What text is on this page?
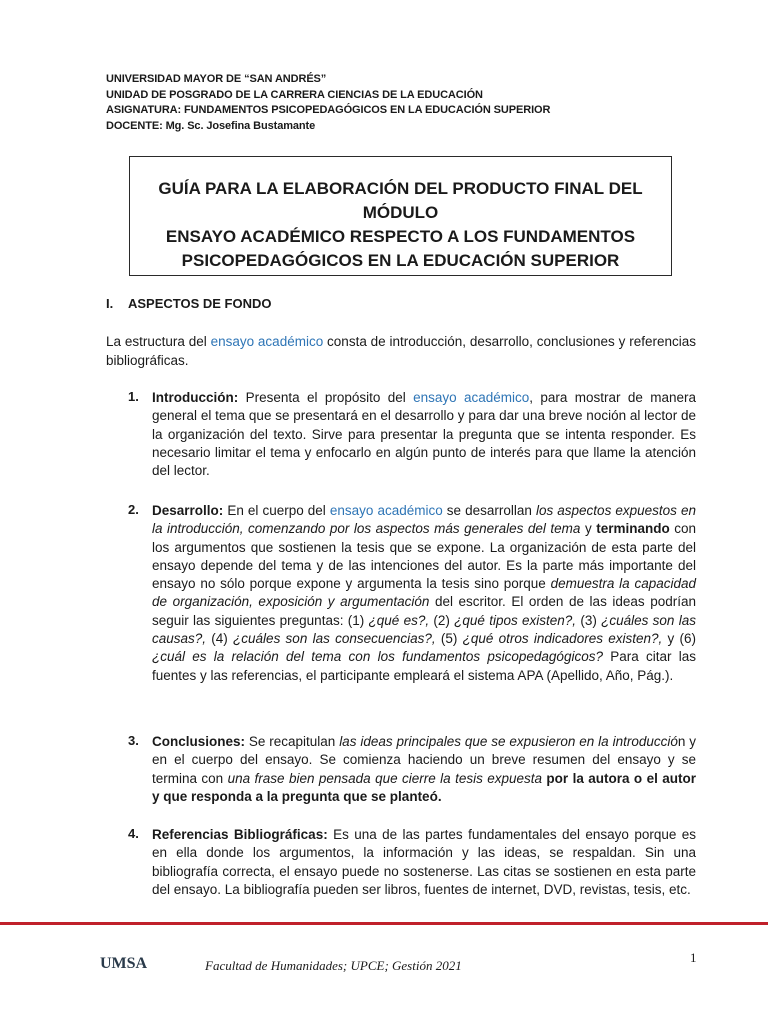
UNIVERSIDAD MAYOR DE “SAN ANDRÉS”
UNIDAD DE POSGRADO DE LA CARRERA CIENCIAS DE LA EDUCACIÓN
ASIGNATURA: FUNDAMENTOS PSICOPEDAGÓGICOS EN LA EDUCACIÓN SUPERIOR
DOCENTE: Mg. Sc. Josefina Bustamante
GUÍA PARA LA ELABORACIÓN DEL PRODUCTO FINAL DEL
MÓDULO
ENSAYO ACADÉMICO RESPECTO A LOS FUNDAMENTOS
PSICOPEDAGÓGICOS EN LA EDUCACIÓN SUPERIOR
I. ASPECTOS DE FONDO
La estructura del ensayo académico consta de introducción, desarrollo, conclusiones y referencias bibliográficas.
1. Introducción: Presenta el propósito del ensayo académico, para mostrar de manera general el tema que se presentará en el desarrollo y para dar una breve noción al lector de la organización del texto. Sirve para presentar la pregunta que se intenta responder. Es necesario limitar el tema y enfocarlo en algún punto de interés para que llame la atención del lector.
2. Desarrollo: En el cuerpo del ensayo académico se desarrollan los aspectos expuestos en la introducción, comenzando por los aspectos más generales del tema y terminando con los argumentos que sostienen la tesis que se expone. La organización de esta parte del ensayo depende del tema y de las intenciones del autor. Es la parte más importante del ensayo no sólo porque expone y argumenta la tesis sino porque demuestra la capacidad de organización, exposición y argumentación del escritor. El orden de las ideas podrían seguir las siguientes preguntas: (1) ¿qué es?, (2) ¿qué tipos existen?, (3) ¿cuáles son las causas?, (4) ¿cuáles son las consecuencias?, (5) ¿qué otros indicadores existen?, y (6) ¿cuál es la relación del tema con los fundamentos psicopedagógicos? Para citar las fuentes y las referencias, el participante empleará el sistema APA (Apellido, Año, Pág.).
3. Conclusiones: Se recapitulan las ideas principales que se expusieron en la introducción y en el cuerpo del ensayo. Se comienza haciendo un breve resumen del ensayo y se termina con una frase bien pensada que cierre la tesis expuesta por la autora o el autor y que responda a la pregunta que se planteó.
4. Referencias Bibliográficas: Es una de las partes fundamentales del ensayo porque es en ella donde los argumentos, la información y las ideas, se respaldan. Sin una bibliografía correcta, el ensayo puede no sostenerse. Las citas se sostienen en esta parte del ensayo. La bibliografía pueden ser libros, fuentes de internet, DVD, revistas, tesis, etc.
UMSA	Facultad de Humanidades; UPCE; Gestión 2021
1
